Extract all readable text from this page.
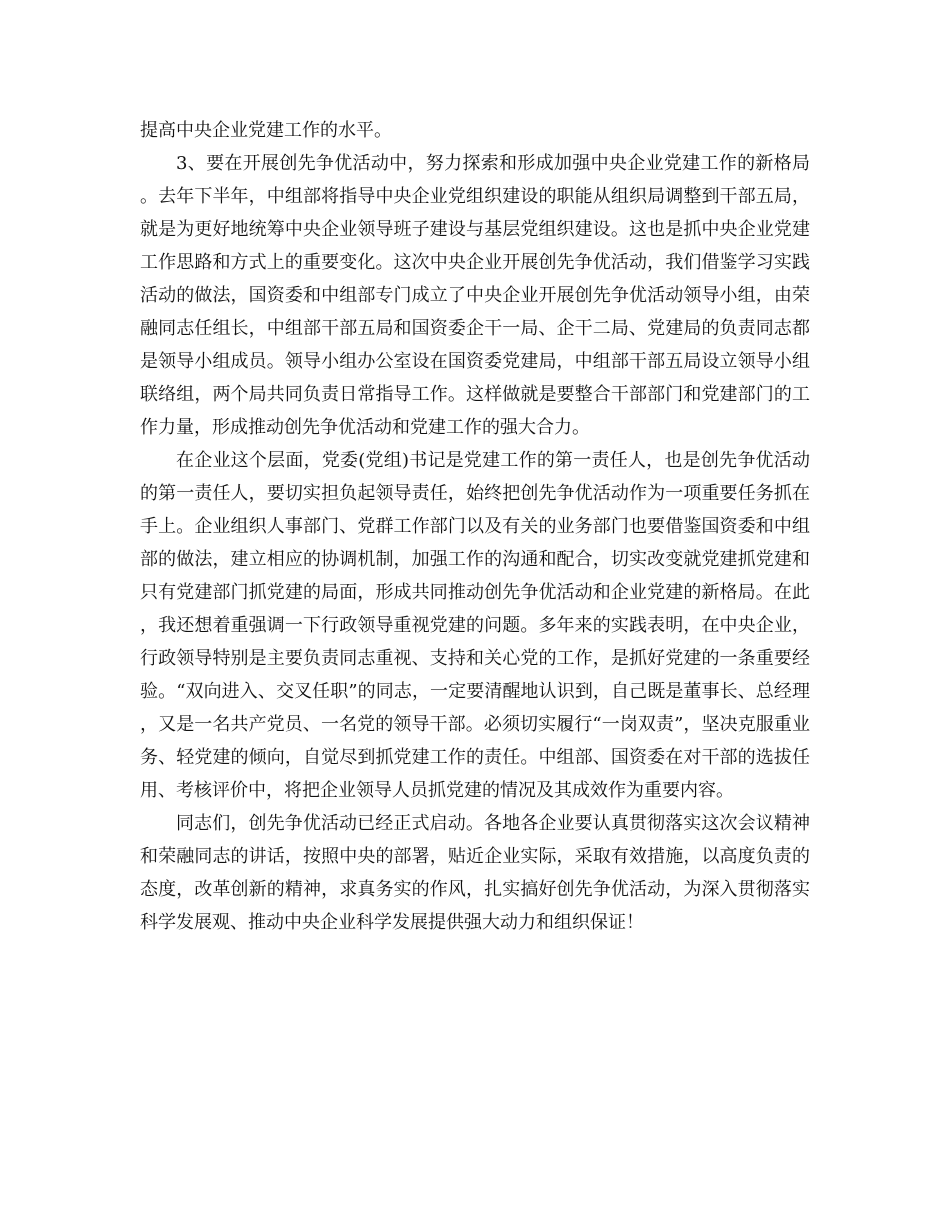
提高中央企业党建工作的水平。

3、要在开展创先争优活动中，努力探索和形成加强中央企业党建工作的新格局。去年下半年，中组部将指导中央企业党组织建设的职能从组织局调整到干部五局，就是为更好地统筹中央企业领导班子建设与基层党组织建设。这也是抓中央企业党建工作思路和方式上的重要变化。这次中央企业开展创先争优活动，我们借鉴学习实践活动的做法，国资委和中组部专门成立了中央企业开展创先争优活动领导小组，由荣融同志任组长，中组部干部五局和国资委企干一局、企干二局、党建局的负责同志都是领导小组成员。领导小组办公室设在国资委党建局，中组部干部五局设立领导小组联络组，两个局共同负责日常指导工作。这样做就是要整合干部部门和党建部门的工作力量，形成推动创先争优活动和党建工作的强大合力。

在企业这个层面，党委(党组)书记是党建工作的第一责任人，也是创先争优活动的第一责任人，要切实担负起领导责任，始终把创先争优活动作为一项重要任务抓在手上。企业组织人事部门、党群工作部门以及有关的业务部门也要借鉴国资委和中组部的做法，建立相应的协调机制，加强工作的沟通和配合，切实改变就党建抓党建和只有党建部门抓党建的局面，形成共同推动创先争优活动和企业党建的新格局。在此，我还想着重强调一下行政领导重视党建的问题。多年来的实践表明，在中央企业，行政领导特别是主要负责同志重视、支持和关心党的工作，是抓好党建的一条重要经验。“双向进入、交叉任职”的同志，一定要清醒地认识到，自己既是董事长、总经理，又是一名共产党员、一名党的领导干部。必须切实履行“一岗双责”，坚决克服重业务、轻党建的倾向，自觉尽到抓党建工作的责任。中组部、国资委在对干部的选拔任用、考核评价中，将把企业领导人员抓党建的情况及其成效作为重要内容。

同志们，创先争优活动已经正式启动。各地各企业要认真贯彻落实这次会议精神和荣融同志的讲话，按照中央的部署，贴近企业实际，采取有效措施，以高度负责的态度，改革创新的精神，求真务实的作风，扎实搞好创先争优活动，为深入贯彻落实科学发展观、推动中央企业科学发展提供强大动力和组织保证！
